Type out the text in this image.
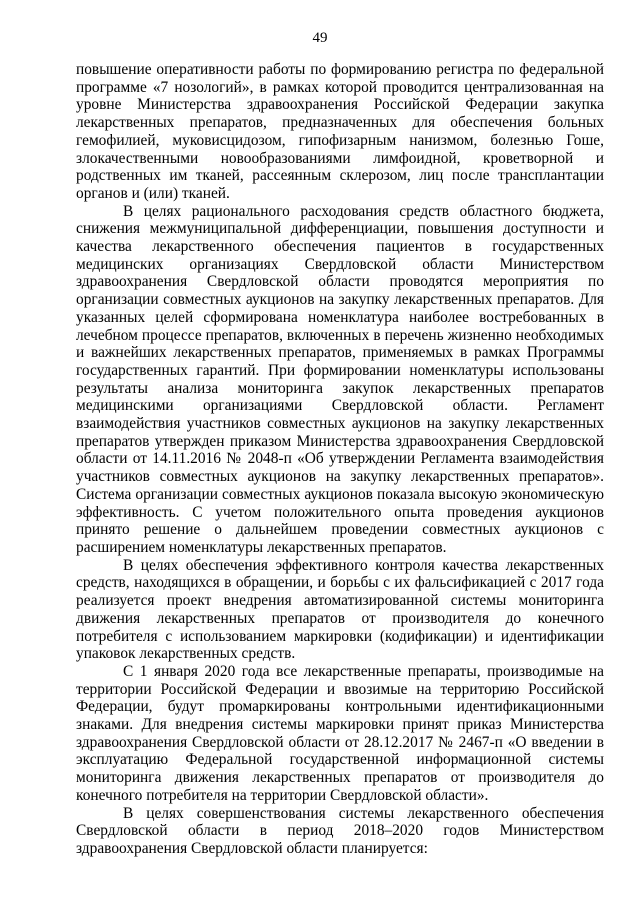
49

повышение оперативности работы по формированию регистра по федеральной программе «7 нозологий», в рамках которой проводится централизованная на уровне Министерства здравоохранения Российской Федерации закупка лекарственных препаратов, предназначенных для обеспечения больных гемофилией, муковисцидозом, гипофизарным нанизмом, болезнью Гоше, злокачественными новообразованиями лимфоидной, кроветворной и родственных им тканей, рассеянным склерозом, лиц после трансплантации органов и (или) тканей.

В целях рационального расходования средств областного бюджета, снижения межмуниципальной дифференциации, повышения доступности и качества лекарственного обеспечения пациентов в государственных медицинских организациях Свердловской области Министерством здравоохранения Свердловской области проводятся мероприятия по организации совместных аукционов на закупку лекарственных препаратов. Для указанных целей сформирована номенклатура наиболее востребованных в лечебном процессе препаратов, включенных в перечень жизненно необходимых и важнейших лекарственных препаратов, применяемых в рамках Программы государственных гарантий. При формировании номенклатуры использованы результаты анализа мониторинга закупок лекарственных препаратов медицинскими организациями Свердловской области. Регламент взаимодействия участников совместных аукционов на закупку лекарственных препаратов утвержден приказом Министерства здравоохранения Свердловской области от 14.11.2016 № 2048-п «Об утверждении Регламента взаимодействия участников совместных аукционов на закупку лекарственных препаратов». Система организации совместных аукционов показала высокую экономическую эффективность. С учетом положительного опыта проведения аукционов принято решение о дальнейшем проведении совместных аукционов с расширением номенклатуры лекарственных препаратов.

В целях обеспечения эффективного контроля качества лекарственных средств, находящихся в обращении, и борьбы с их фальсификацией с 2017 года реализуется проект внедрения автоматизированной системы мониторинга движения лекарственных препаратов от производителя до конечного потребителя с использованием маркировки (кодификации) и идентификации упаковок лекарственных средств.

С 1 января 2020 года все лекарственные препараты, производимые на территории Российской Федерации и ввозимые на территорию Российской Федерации, будут промаркированы контрольными идентификационными знаками. Для внедрения системы маркировки принят приказ Министерства здравоохранения Свердловской области от 28.12.2017 № 2467-п «О введении в эксплуатацию Федеральной государственной информационной системы мониторинга движения лекарственных препаратов от производителя до конечного потребителя на территории Свердловской области».

В целях совершенствования системы лекарственного обеспечения Свердловской области в период 2018–2020 годов Министерством здравоохранения Свердловской области планируется:
